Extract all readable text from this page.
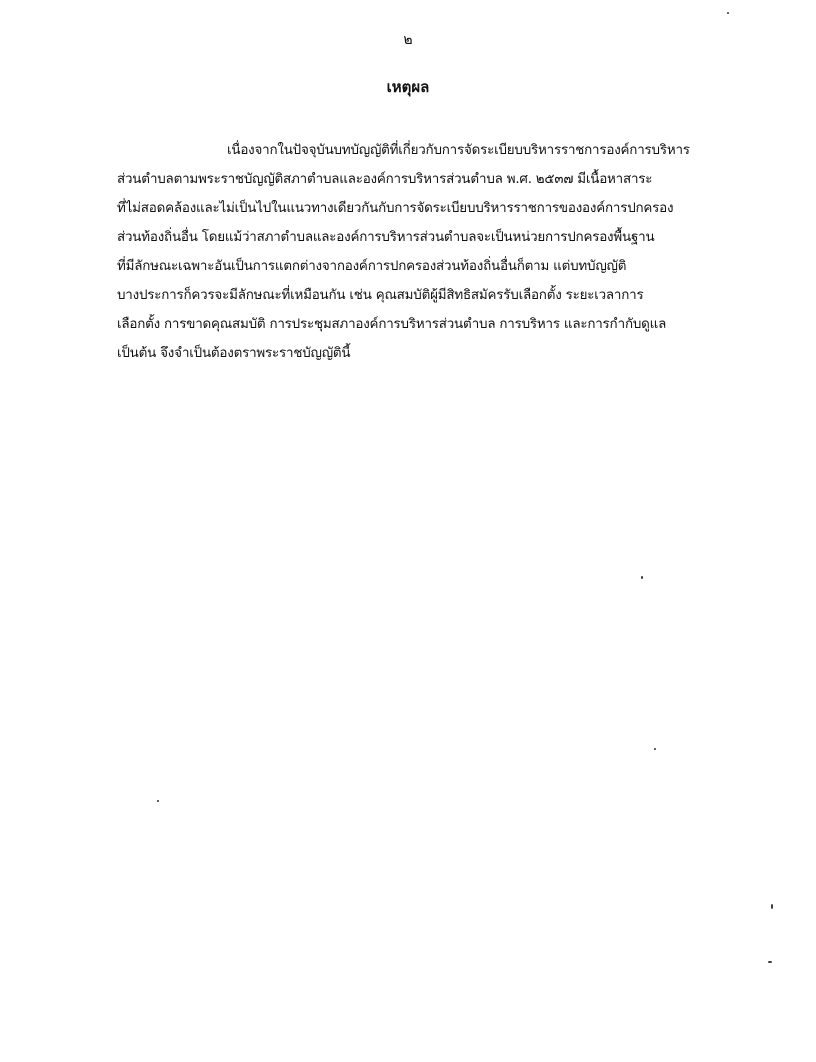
๒
เหตุผล
เนื่องจากในปัจจุบันบทบัญญัติที่เกี่ยวกับการจัดระเบียบบริหารราชการองค์การบริหาร
ส่วนตำบลตามพระราชบัญญัติสภาตำบลและองค์การบริหารส่วนตำบล พ.ศ. ๒๕๓๗ มีเนื้อหาสาระ
ที่ไม่สอดคล้องและไม่เป็นไปในแนวทางเดียวกันกับการจัดระเบียบบริหารราชการขององค์การปกครอง
ส่วนท้องถิ่นอื่น โดยแม้ว่าสภาตำบลและองค์การบริหารส่วนตำบลจะเป็นหน่วยการปกครองพื้นฐาน
ที่มีลักษณะเฉพาะอันเป็นการแตกต่างจากองค์การปกครองส่วนท้องถิ่นอื่นก็ตาม แต่บทบัญญัติ
บางประการก็ควรจะมีลักษณะที่เหมือนกัน เช่น คุณสมบัติผู้มีสิทธิสมัครรับเลือกตั้ง ระยะเวลาการ
เลือกตั้ง การขาดคุณสมบัติ การประชุมสภาองค์การบริหารส่วนตำบล การบริหาร และการกำกับดูแล
เป็นต้น จึงจำเป็นต้องตราพระราชบัญญัตินี้
